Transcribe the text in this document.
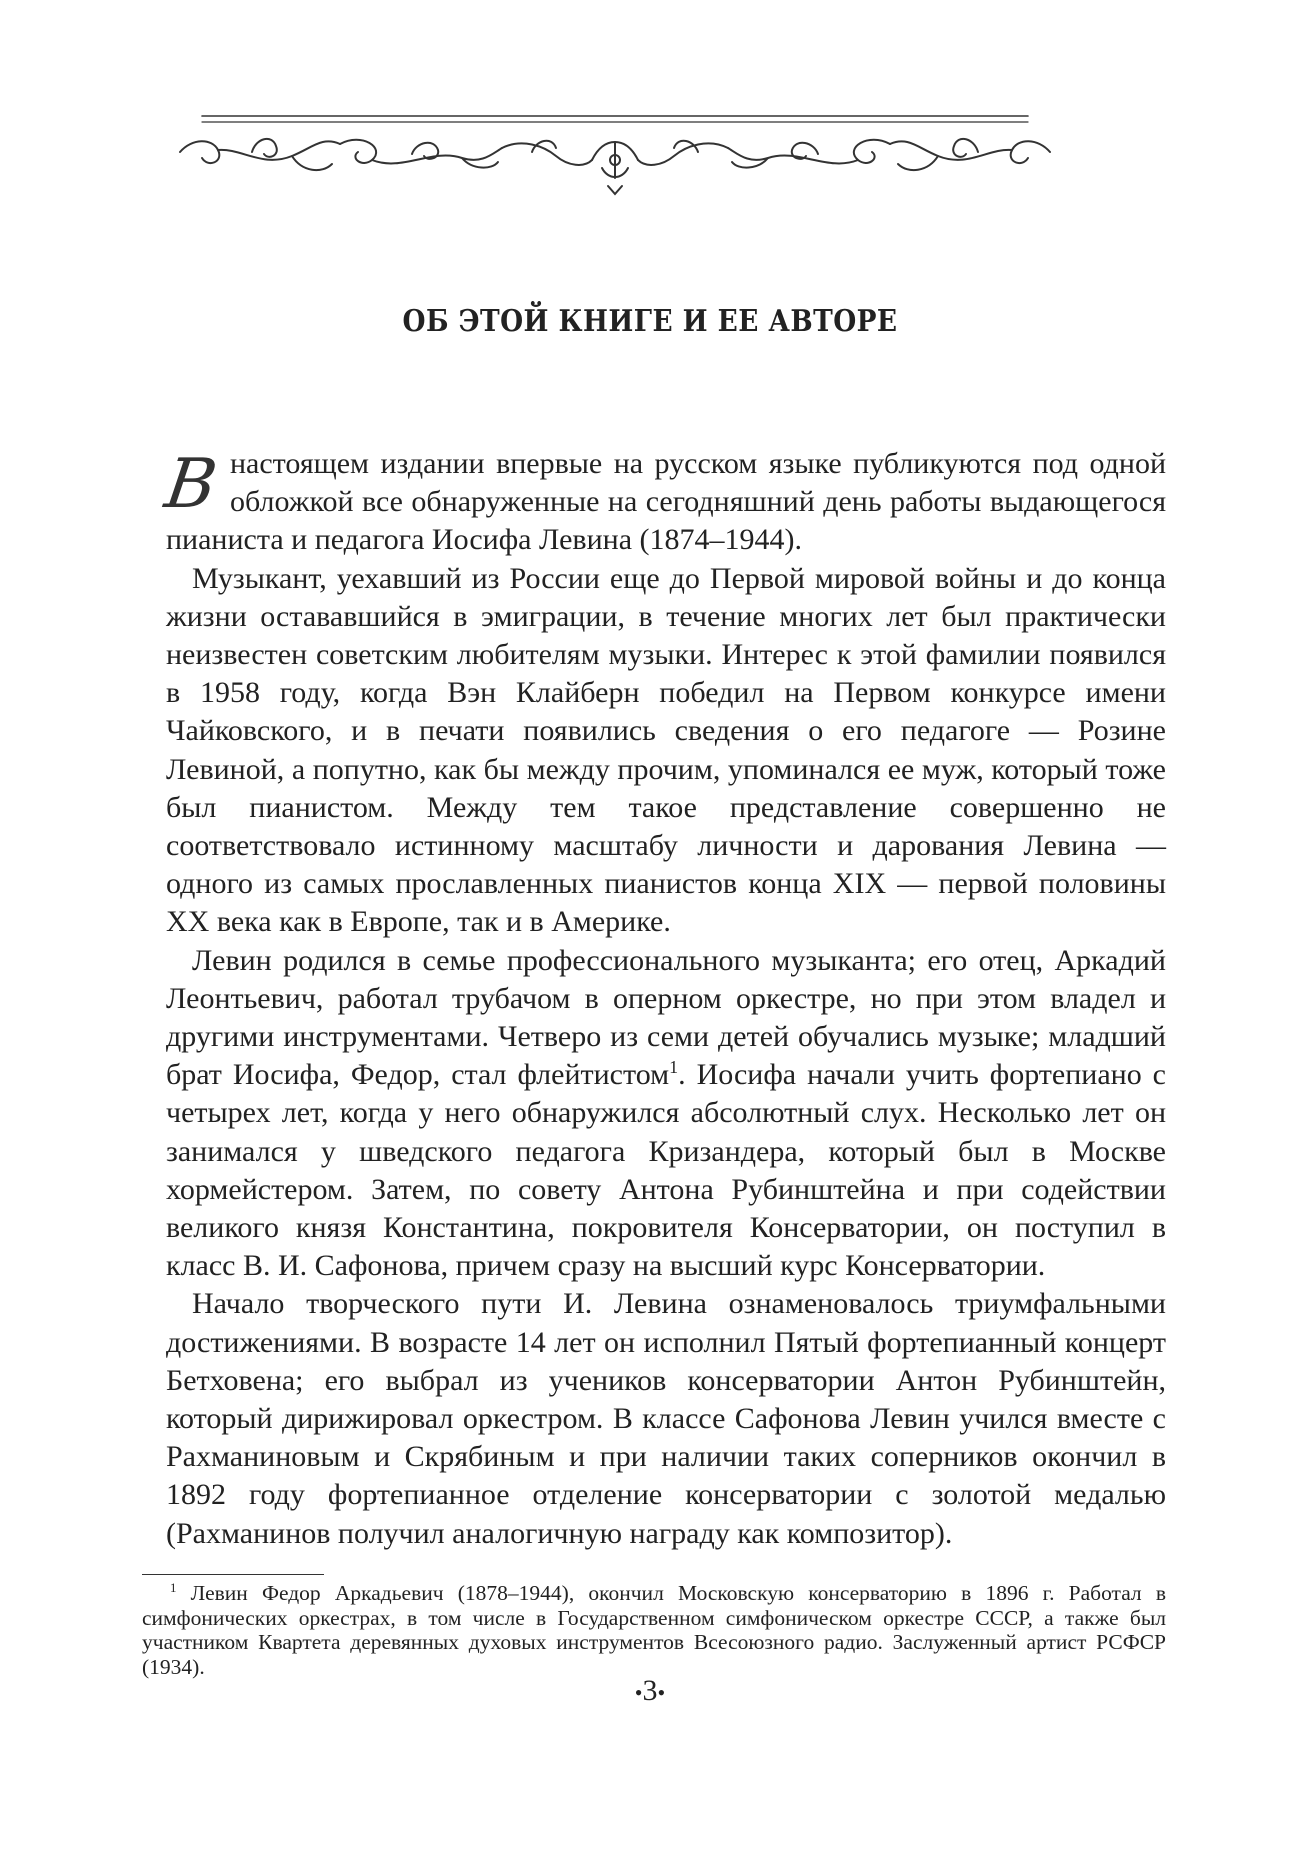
ОБ ЭТОЙ КНИГЕ И ЕЕ АВТОРЕ

В настоящем издании впервые на русском языке публикуются под одной обложкой все обнаруженные на сегодняшний день работы выдающегося пианиста и педагога Иосифа Левина (1874–1944).

Музыкант, уехавший из России еще до Первой мировой войны и до конца жизни остававшийся в эмиграции, в течение многих лет был практически неизвестен советским любителям музыки. Интерес к этой фамилии появился в 1958 году, когда Вэн Клайберн победил на Первом конкурсе имени Чайковского, и в печати появились сведения о его педагоге — Розине Левиной, а попутно, как бы между прочим, упоминался ее муж, который тоже был пианистом. Между тем такое представление совершенно не соответствовало истинному масштабу личности и дарования Левина — одного из самых прославленных пианистов конца XIX — первой половины XX века как в Европе, так и в Америке.

Левин родился в семье профессионального музыканта; его отец, Аркадий Леонтьевич, работал трубачом в оперном оркестре, но при этом владел и другими инструментами. Четверо из семи детей обучались музыке; младший брат Иосифа, Федор, стал флейтистом$^1$. Иосифа начали учить фортепиано с четырех лет, когда у него обнаружился абсолютный слух. Несколько лет он занимался у шведского педагога Кризандера, который был в Москве хормейстером. Затем, по совету Антона Рубинштейна и при содействии великого князя Константина, покровителя Консерватории, он поступил в класс В. И. Сафонова, причем сразу на высший курс Консерватории.

Начало творческого пути И. Левина ознаменовалось триумфальными достижениями. В возрасте 14 лет он исполнил Пятый фортепианный концерт Бетховена; его выбрал из учеников консерватории Антон Рубинштейн, который дирижировал оркестром. В классе Сафонова Левин учился вместе с Рахманиновым и Скрябиным и при наличии таких соперников окончил в 1892 году фортепианное отделение консерватории с золотой медалью (Рахманинов получил аналогичную награду как композитор).

$^1$ Левин Федор Аркадьевич (1878–1944), окончил Московскую консерваторию в 1896 г. Работал в симфонических оркестрах, в том числе в Государственном симфоническом оркестре СССР, а также был участником Квартета деревянных духовых инструментов Всесоюзного радио. Заслуженный артист РСФСР (1934).

•3•
